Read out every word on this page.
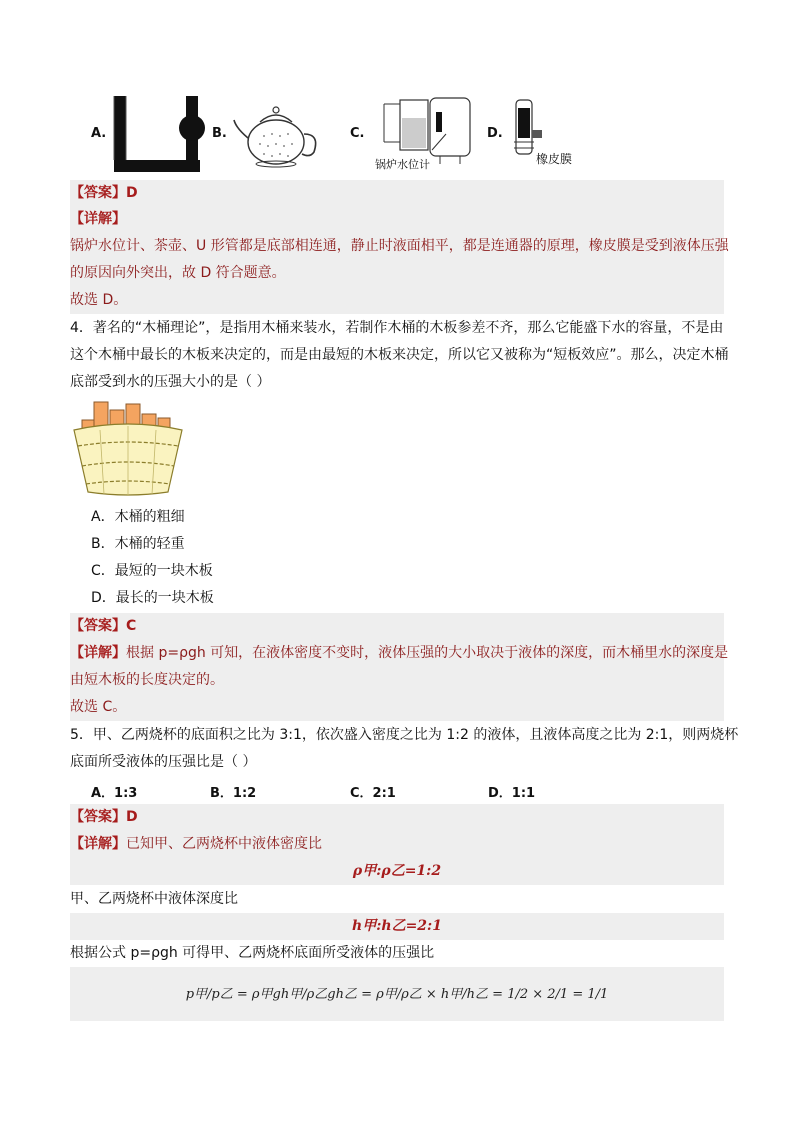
A.	B.	C.
锅炉水位计
D.
橡皮膜
【答案】D
【详解】
锅炉水位计、茶壶、U 形管都是底部相连通，静止时液面相平，都是连通器的原理，橡皮膜是受到液体压强
的原因向外突出，故 D 符合题意。
故选 D。
4．著名的“木桶理论”，是指用木桶来装水，若制作木桶的木板参差不齐，那么它能盛下水的容量，不是由
这个木桶中最长的木板来决定的，而是由最短的木板来决定，所以它又被称为“短板效应”。那么，决定木桶
底部受到水的压强大小的是（ ）
A．木桶的粗细
B．木桶的轻重
C．最短的一块木板
D．最长的一块木板
【答案】C
【详解】根据 p=ρgh 可知，在液体密度不变时，液体压强的大小取决于液体的深度，而木桶里水的深度是
由短木板的长度决定的。
故选 C。
5．甲、乙两烧杯的底面积之比为 3:1，依次盛入密度之比为 1:2 的液体，且液体高度之比为 2:1，则两烧杯
底面所受液体的压强比是（ ）
A．1:3	B．1:2	C．2:1	D．1:1
【答案】D
【详解】已知甲、乙两烧杯中液体密度比
ρ甲:ρ乙=1:2
甲、乙两烧杯中液体深度比
h甲:h乙=2:1
根据公式 p=ρgh 可得甲、乙两烧杯底面所受液体的压强比
p甲/p乙 = ρ甲gh甲/ρ乙gh乙 = ρ甲/ρ乙 × h甲/h乙 = 1/2 × 2/1 = 1/1
